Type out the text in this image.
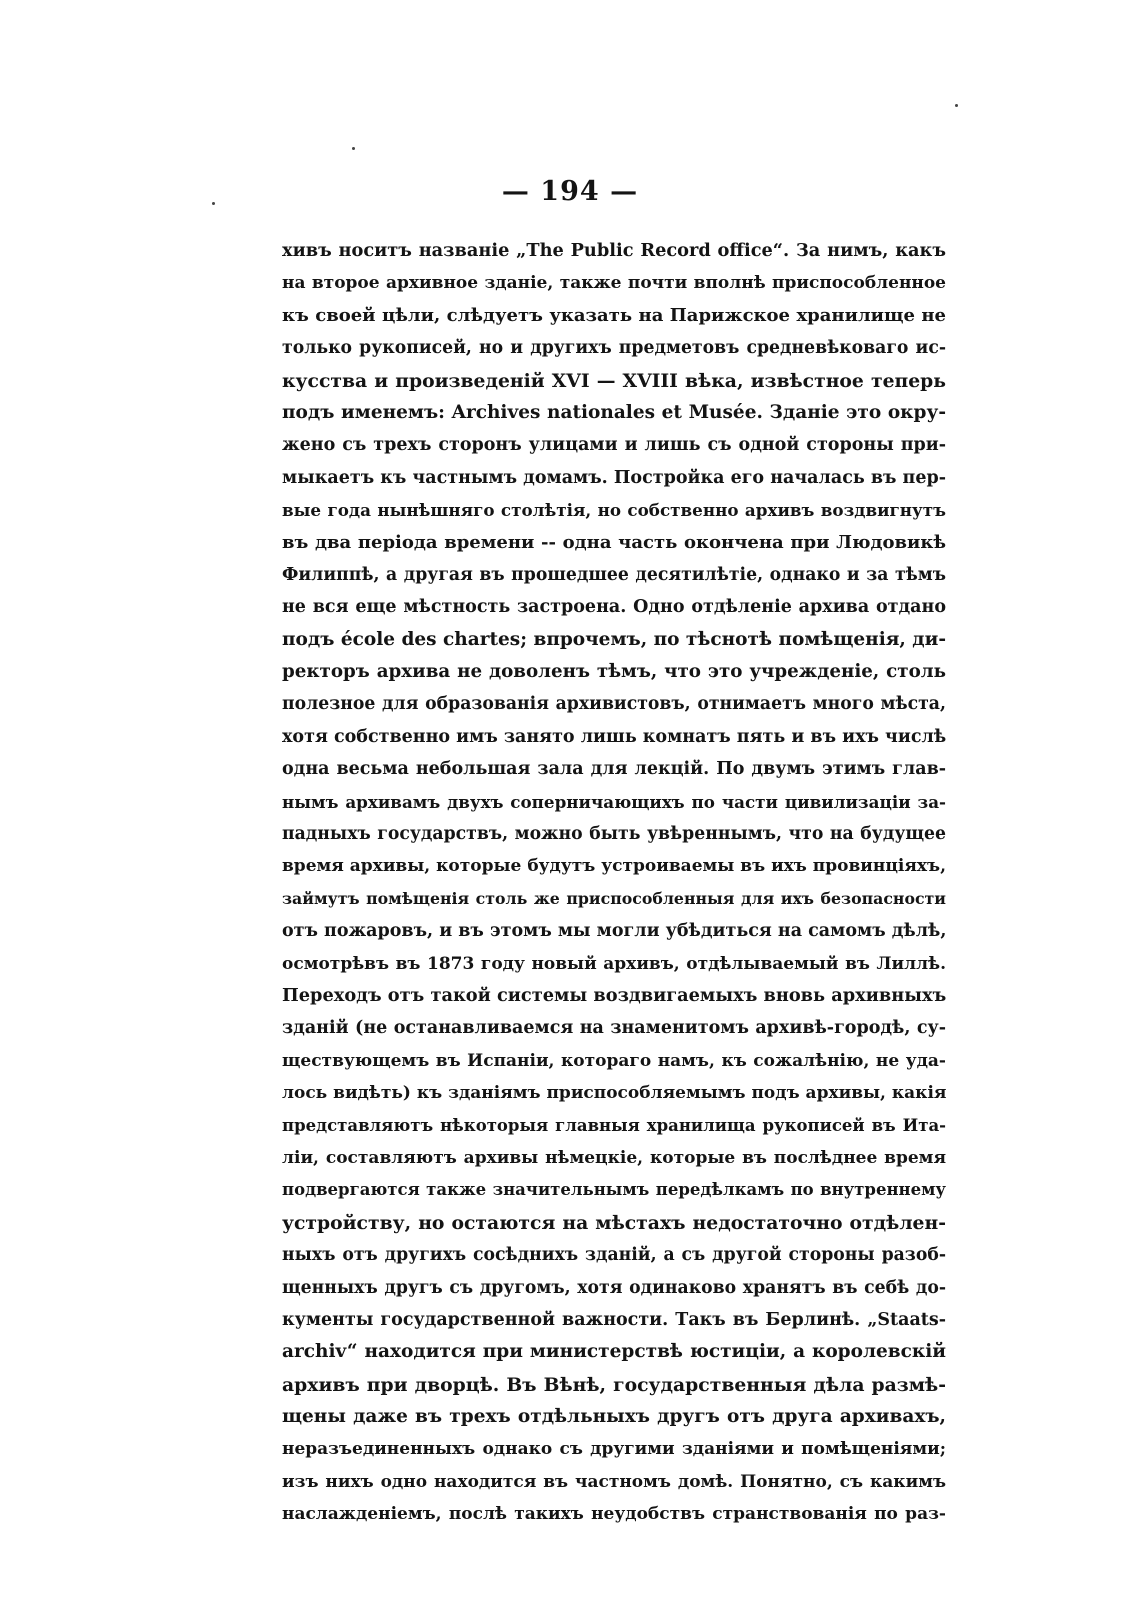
— 194 —
хивъ носитъ названіе „The Public Record office“. За нимъ, какъ
на второе архивное зданіе, также почти вполнѣ приспособленное
къ своей цѣли, слѣдуетъ указать на Парижское хранилище не
только рукописей, но и другихъ предметовъ средневѣковаго ис-
кусства и произведеній XVI — XVIII вѣка, извѣстное теперь
подъ именемъ: Archives nationales et Musée. Зданіе это окру-
жено съ трехъ сторонъ улицами и лишь съ одной стороны при-
мыкаетъ къ частнымъ домамъ. Постройка его началась въ пер-
вые года нынѣшняго столѣтія, но собственно архивъ воздвигнутъ
въ два періода времени -- одна часть окончена при Людовикѣ
Филиппѣ, а другая въ прошедшее десятилѣтіе, однако и за тѣмъ
не вся еще мѣстность застроена. Одно отдѣленіе архива отдано
подъ école des chartes; впрочемъ, по тѣснотѣ помѣщенія, ди-
ректоръ архива не доволенъ тѣмъ, что это учрежденіе, столь
полезное для образованія архивистовъ, отнимаетъ много мѣста,
хотя собственно имъ занято лишь комнатъ пять и въ ихъ числѣ
одна весьма небольшая зала для лекцій. По двумъ этимъ глав-
нымъ архивамъ двухъ соперничающихъ по части цивилизаціи за-
падныхъ государствъ, можно быть увѣреннымъ, что на будущее
время архивы, которые будутъ устроиваемы въ ихъ провинціяхъ,
займутъ помѣщенія столь же приспособленныя для ихъ безопасности
отъ пожаровъ, и въ этомъ мы могли убѣдиться на самомъ дѣлѣ,
осмотрѣвъ въ 1873 году новый архивъ, отдѣлываемый въ Лиллѣ.
Переходъ отъ такой системы воздвигаемыхъ вновь архивныхъ
зданій (не останавливаемся на знаменитомъ архивѣ-городѣ, су-
ществующемъ въ Испаніи, котораго намъ, къ сожалѣнію, не уда-
лось видѣть) къ зданіямъ приспособляемымъ подъ архивы, какія
представляютъ нѣкоторыя главныя хранилища рукописей въ Ита-
ліи, составляютъ архивы нѣмецкіе, которые въ послѣднее время
подвергаются также значительнымъ передѣлкамъ по внутреннему
устройству, но остаются на мѣстахъ недостаточно отдѣлен-
ныхъ отъ другихъ сосѣднихъ зданій, а съ другой стороны разоб-
щенныхъ другъ съ другомъ, хотя одинаково хранятъ въ себѣ до-
кументы государственной важности. Такъ въ Берлинѣ. „Staats-
archiv“ находится при министерствѣ юстиціи, а королевскій
архивъ при дворцѣ. Въ Вѣнѣ, государственныя дѣла размѣ-
щены даже въ трехъ отдѣльныхъ другъ отъ друга архивахъ,
неразъединенныхъ однако съ другими зданіями и помѣщеніями;
изъ нихъ одно находится въ частномъ домѣ. Понятно, съ какимъ
наслажденіемъ, послѣ такихъ неудобствъ странствованія по раз-
